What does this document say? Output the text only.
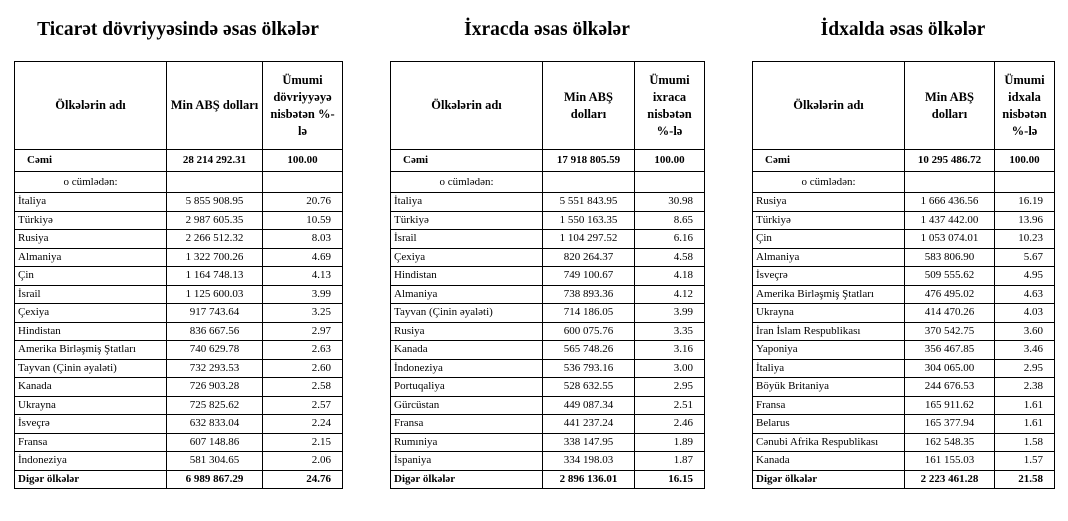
Ticarət dövriyyəsində əsas ölkələr
Ölkələrin adı	Min ABŞ dolları	Ümumi dövriyyəyə nisbətən %-lə
Cəmi	28 214 292.31	100.00
o cümlədən:		
İtaliya	5 855 908.95	20.76
Türkiyə	2 987 605.35	10.59
Rusiya	2 266 512.32	8.03
Almaniya	1 322 700.26	4.69
Çin	1 164 748.13	4.13
İsrail	1 125 600.03	3.99
Çexiya	917 743.64	3.25
Hindistan	836 667.56	2.97
Amerika Birləşmiş Ştatları	740 629.78	2.63
Tayvan (Çinin əyaləti)	732 293.53	2.60
Kanada	726 903.28	2.58
Ukrayna	725 825.62	2.57
İsveçrə	632 833.04	2.24
Fransa	607 148.86	2.15
İndoneziya	581 304.65	2.06
Digər ölkələr	6 989 867.29	24.76
İxracda əsas ölkələr
Ölkələrin adı	Min ABŞ dolları	Ümumi ixraca nisbətən %-lə
Cəmi	17 918 805.59	100.00
o cümlədən:		
İtaliya	5 551 843.95	30.98
Türkiyə	1 550 163.35	8.65
İsrail	1 104 297.52	6.16
Çexiya	820 264.37	4.58
Hindistan	749 100.67	4.18
Almaniya	738 893.36	4.12
Tayvan (Çinin əyaləti)	714 186.05	3.99
Rusiya	600 075.76	3.35
Kanada	565 748.26	3.16
İndoneziya	536 793.16	3.00
Portuqaliya	528 632.55	2.95
Gürcüstan	449 087.34	2.51
Fransa	441 237.24	2.46
Rumıniya	338 147.95	1.89
İspaniya	334 198.03	1.87
Digər ölkələr	2 896 136.01	16.15
İdxalda əsas ölkələr
Ölkələrin adı	Min ABŞ dolları	Ümumi idxala nisbətən %-lə
Cəmi	10 295 486.72	100.00
o cümlədən:		
Rusiya	1 666 436.56	16.19
Türkiyə	1 437 442.00	13.96
Çin	1 053 074.01	10.23
Almaniya	583 806.90	5.67
İsveçrə	509 555.62	4.95
Amerika Birləşmiş Ştatları	476 495.02	4.63
Ukrayna	414 470.26	4.03
İran İslam Respublikası	370 542.75	3.60
Yaponiya	356 467.85	3.46
İtaliya	304 065.00	2.95
Böyük Britaniya	244 676.53	2.38
Fransa	165 911.62	1.61
Belarus	165 377.94	1.61
Cənubi Afrika Respublikası	162 548.35	1.58
Kanada	161 155.03	1.57
Digər ölkələr	2 223 461.28	21.58
